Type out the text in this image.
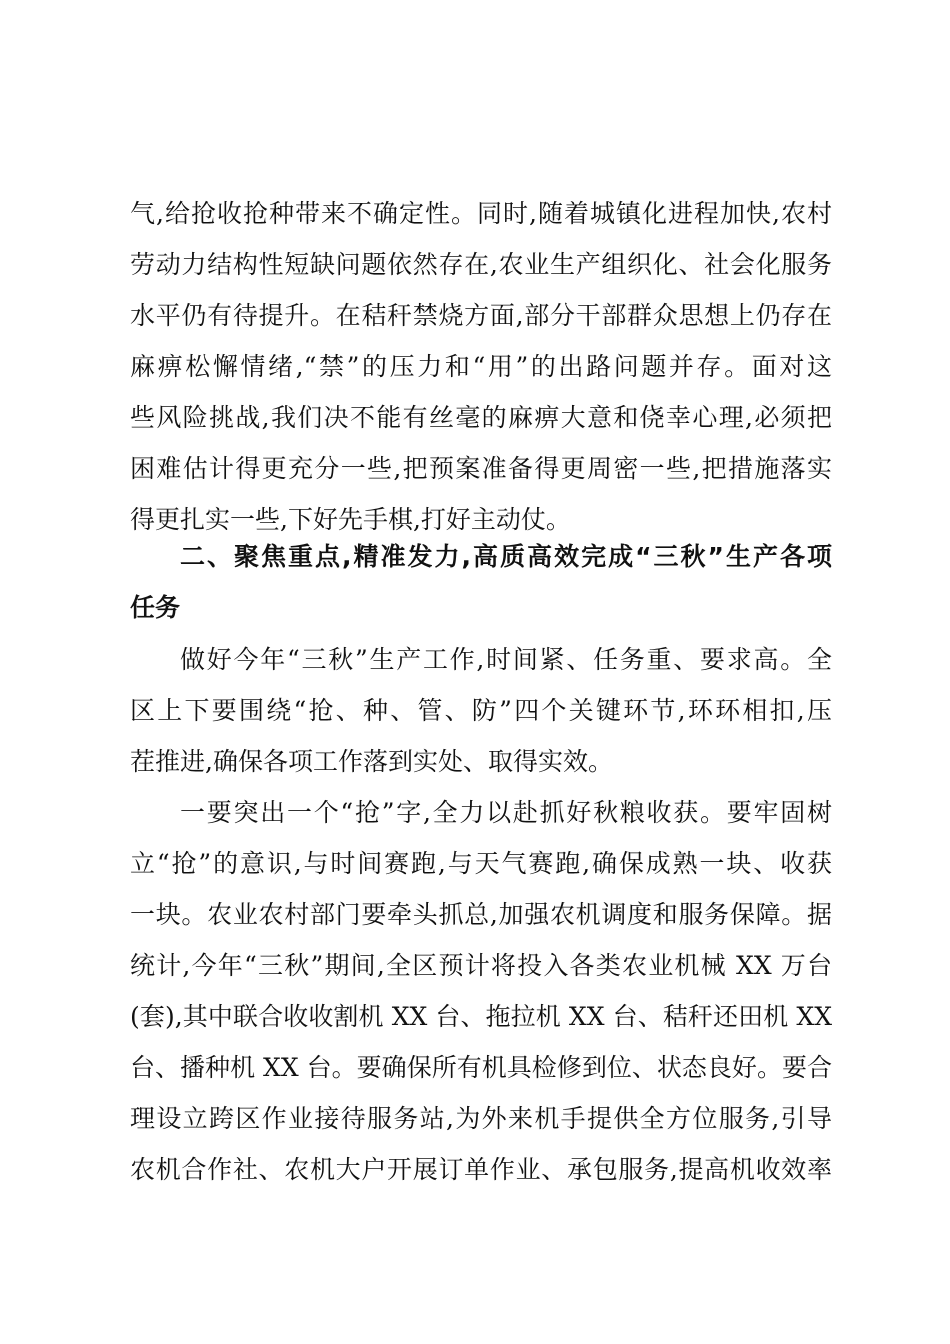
气,给抢收抢种带来不确定性。同时,随着城镇化进程加快,农村
劳动力结构性短缺问题依然存在,农业生产组织化、社会化服务
水平仍有待提升。在秸秆禁烧方面,部分干部群众思想上仍存在
麻痹松懈情绪,“禁”的压力和“用”的出路问题并存。面对这
些风险挑战,我们决不能有丝毫的麻痹大意和侥幸心理,必须把
困难估计得更充分一些,把预案准备得更周密一些,把措施落实
得更扎实一些,下好先手棋,打好主动仗。
二、聚焦重点,精准发力,高质高效完成“三秋”生产各项
任务
做好今年“三秋”生产工作,时间紧、任务重、要求高。全
区上下要围绕“抢、种、管、防”四个关键环节,环环相扣,压
茬推进,确保各项工作落到实处、取得实效。
一要突出一个“抢”字,全力以赴抓好秋粮收获。要牢固树
立“抢”的意识,与时间赛跑,与天气赛跑,确保成熟一块、收获
一块。农业农村部门要牵头抓总,加强农机调度和服务保障。据
统计,今年“三秋”期间,全区预计将投入各类农业机械 XX 万台
(套),其中联合收收割机 XX 台、拖拉机 XX 台、秸秆还田机 XX
台、播种机 XX 台。要确保所有机具检修到位、状态良好。要合
理设立跨区作业接待服务站,为外来机手提供全方位服务,引导
农机合作社、农机大户开展订单作业、承包服务,提高机收效率
